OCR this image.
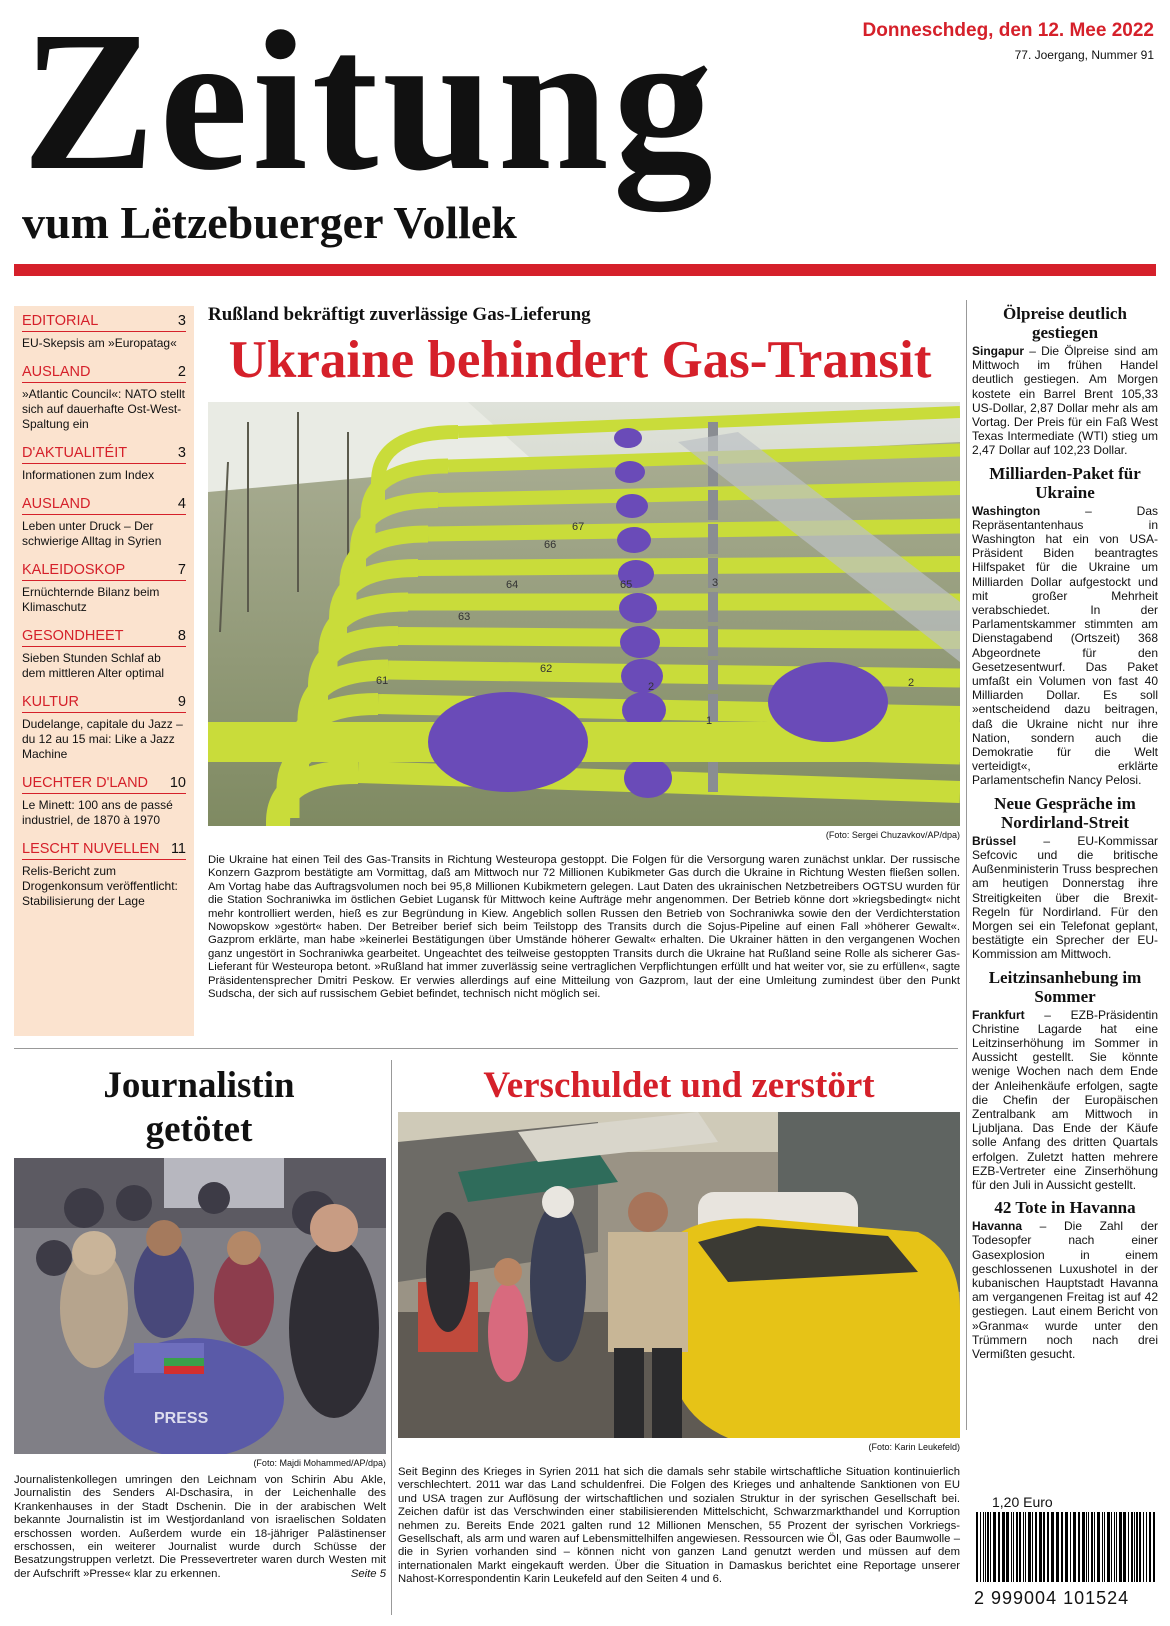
Zeitung
vum Lëtzebuerger Vollek
Donneschdeg, den 12. Mee 2022
77. Joergang, Nummer 91
EDITORIAL	3
EU-Skepsis am »Europatag«
AUSLAND	2
»Atlantic Council«: NATO stellt sich auf dauerhafte Ost-West-Spaltung ein
D'AKTUALITÉIT	3
Informationen zum Index
AUSLAND	4
Leben unter Druck – Der schwierige Alltag in Syrien
KALEIDOSKOP	7
Ernüchternde Bilanz beim Klimaschutz
GESONDHEET	8
Sieben Stunden Schlaf ab dem mittleren Alter optimal
KULTUR	9
Dudelange, capitale du Jazz – du 12 au 15 mai: Like a Jazz Machine
UECHTER D'LAND 10
Le Minett: 100 ans de passé industriel, de 1870 à 1970
LESCHT NUVELLEN 11
Relis-Bericht zum Drogenkonsum veröffentlicht: Stabilisierung der Lage
Rußland bekräftigt zuverlässige Gas-Lieferung
Ukraine behindert Gas-Transit
61
62
63
64	65
66
67
1
2	2
3
(Foto: Sergei Chuzavkov/AP/dpa)
Die Ukraine hat einen Teil des Gas-Transits in Richtung Westeuropa gestoppt. Die Folgen für die Versorgung waren zunächst unklar. Der russische Konzern Gazprom bestätigte am Vormittag, daß am Mittwoch nur 72 Millionen Kubikmeter Gas durch die Ukraine in Richtung Westen fließen sollen. Am Vortag habe das Auftragsvolumen noch bei 95,8 Millionen Kubikmetern gelegen. Laut Daten des ukrainischen Netzbetreibers OGTSU wurden für die Station Sochraniwka im östlichen Gebiet Lugansk für Mittwoch keine Aufträge mehr angenommen. Der Betrieb könne dort »kriegsbedingt« nicht mehr kontrolliert werden, hieß es zur Begründung in Kiew. Angeblich sollen Russen den Betrieb von Sochraniwka sowie den der Verdichterstation Nowopskow »gestört« haben. Der Betreiber berief sich beim Teilstopp des Transits durch die Sojus-Pipeline auf einen Fall »höherer Gewalt«. Gazprom erklärte, man habe »keinerlei Bestätigungen über Umstände höherer Gewalt« erhalten. Die Ukrainer hätten in den vergangenen Wochen ganz ungestört in Sochraniwka gearbeitet. Ungeachtet des teilweise gestoppten Transits durch die Ukraine hat Rußland seine Rolle als sicherer Gas-Lieferant für Westeuropa betont. »Rußland hat immer zuverlässig seine vertraglichen Verpflichtungen erfüllt und hat weiter vor, sie zu erfüllen«, sagte Präsidentensprecher Dmitri Peskow. Er verwies allerdings auf eine Mitteilung von Gazprom, laut der eine Umleitung zumindest über den Punkt Sudscha, der sich auf russischem Gebiet befindet, technisch nicht möglich sei.
Ölpreise deutlich gestiegen
Singapur – Die Ölpreise sind am Mittwoch im frühen Handel deutlich gestiegen. Am Morgen kostete ein Barrel Brent 105,33 US-Dollar, 2,87 Dollar mehr als am Vortag. Der Preis für ein Faß West Texas Intermediate (WTI) stieg um 2,47 Dollar auf 102,23 Dollar.
Milliarden-Paket für Ukraine
Washington – Das Repräsentantenhaus in Washington hat ein von USA-Präsident Biden beantragtes Hilfspaket für die Ukraine um Milliarden Dollar aufgestockt und mit großer Mehrheit verabschiedet. In der Parlamentskammer stimmten am Dienstagabend (Ortszeit) 368 Abgeordnete für den Gesetzesentwurf. Das Paket umfaßt ein Volumen von fast 40 Milliarden Dollar. Es soll »entscheidend dazu beitragen, daß die Ukraine nicht nur ihre Nation, sondern auch die Demokratie für die Welt verteidigt«, erklärte Parlamentschefin Nancy Pelosi.
Neue Gespräche im Nordirland-Streit
Brüssel – EU-Kommissar Sefcovic und die britische Außenministerin Truss besprechen am heutigen Donnerstag ihre Streitigkeiten über die Brexit-Regeln für Nordirland. Für den Morgen sei ein Telefonat geplant, bestätigte ein Sprecher der EU-Kommission am Mittwoch.
Leitzinsanhebung im Sommer
Frankfurt – EZB-Präsidentin Christine Lagarde hat eine Leitzinserhöhung im Sommer in Aussicht gestellt. Sie könnte wenige Wochen nach dem Ende der Anleihenkäufe erfolgen, sagte die Chefin der Europäischen Zentralbank am Mittwoch in Ljubljana. Das Ende der Käufe solle Anfang des dritten Quartals erfolgen. Zuletzt hatten mehrere EZB-Vertreter eine Zinserhöhung für den Juli in Aussicht gestellt.
42 Tote in Havanna
Havanna – Die Zahl der Todesopfer nach einer Gasexplosion in einem geschlossenen Luxushotel in der kubanischen Hauptstadt Havanna am vergangenen Freitag ist auf 42 gestiegen. Laut einem Bericht von »Granma« wurde unter den Trümmern noch nach drei Vermißten gesucht.
Journalistin
getötet
PRESS
(Foto: Majdi Mohammed/AP/dpa)
Journalistenkollegen umringen den Leichnam von Schirin Abu Akle, Journalistin des Senders Al-Dschasira, in der Leichenhalle des Krankenhauses in der Stadt Dschenin. Die in der arabischen Welt bekannte Journalistin ist im Westjordanland von israelischen Soldaten erschossen worden. Außerdem wurde ein 18-jähriger Palästinenser erschossen, ein weiterer Journalist wurde durch Schüsse der Besatzungstruppen verletzt. Die Pressevertreter waren durch Westen mit der Aufschrift »Presse« klar zu erkennen.	Seite 5
Verschuldet und zerstört
(Foto: Karin Leukefeld)
Seit Beginn des Krieges in Syrien 2011 hat sich die damals sehr stabile wirtschaftliche Situation kontinuierlich verschlechtert. 2011 war das Land schuldenfrei. Die Folgen des Krieges und anhaltende Sanktionen von EU und USA tragen zur Auflösung der wirtschaftlichen und sozialen Struktur in der syrischen Gesellschaft bei. Zeichen dafür ist das Verschwinden einer stabilisierenden Mittelschicht, Schwarzmarkthandel und Korruption nehmen zu. Bereits Ende 2021 galten rund 12 Millionen Menschen, 55 Prozent der syrischen Vorkriegs-Gesellschaft, als arm und waren auf Lebensmittelhilfen angewiesen. Ressourcen wie Öl, Gas oder Baumwolle – die in Syrien vorhanden sind – können nicht von ganzen Land genutzt werden und müssen auf dem internationalen Markt eingekauft werden. Über die Situation in Damaskus berichtet eine Reportage unserer Nahost-Korrespondentin Karin Leukefeld auf den Seiten 4 und 6.
1,20 Euro
2 999004 101524
